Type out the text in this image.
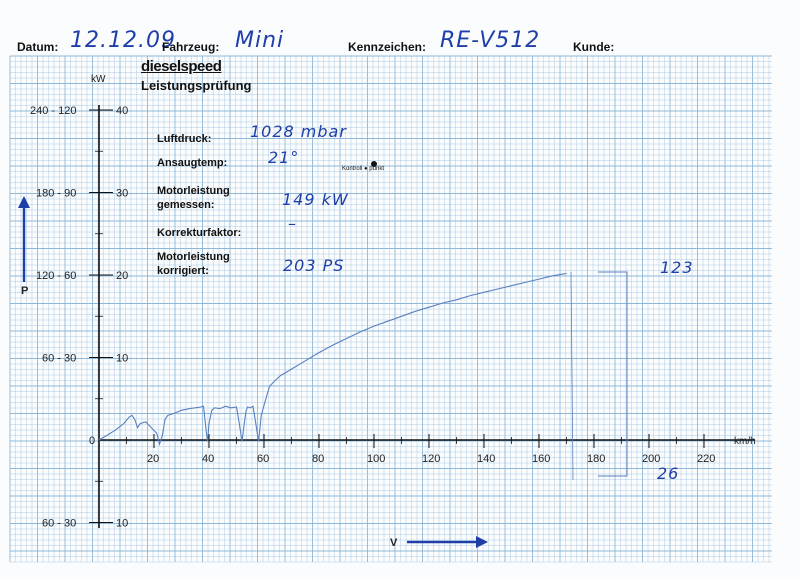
20	40	60	80	100	120	140	160	180	200	220
km/h
40
30
20
10
10
240 - 120
180 - 90
120 - 60
60 - 30
0
60 - 30
kW
P
V
Datum: 12.12.09
Fahrzeug: Mini	Kennzeichen: RE-V512	Kunde:
dieselspeed
Leistungsprüfung
Luftdruck: 1028 mbar
Ansaugtemp:	21°
Kontroll ● punkt
Motorleistung
gemessen:	149 kW
Korrekturfaktor:	–
Motorleistung
korrigiert:	203 PS	123
26
